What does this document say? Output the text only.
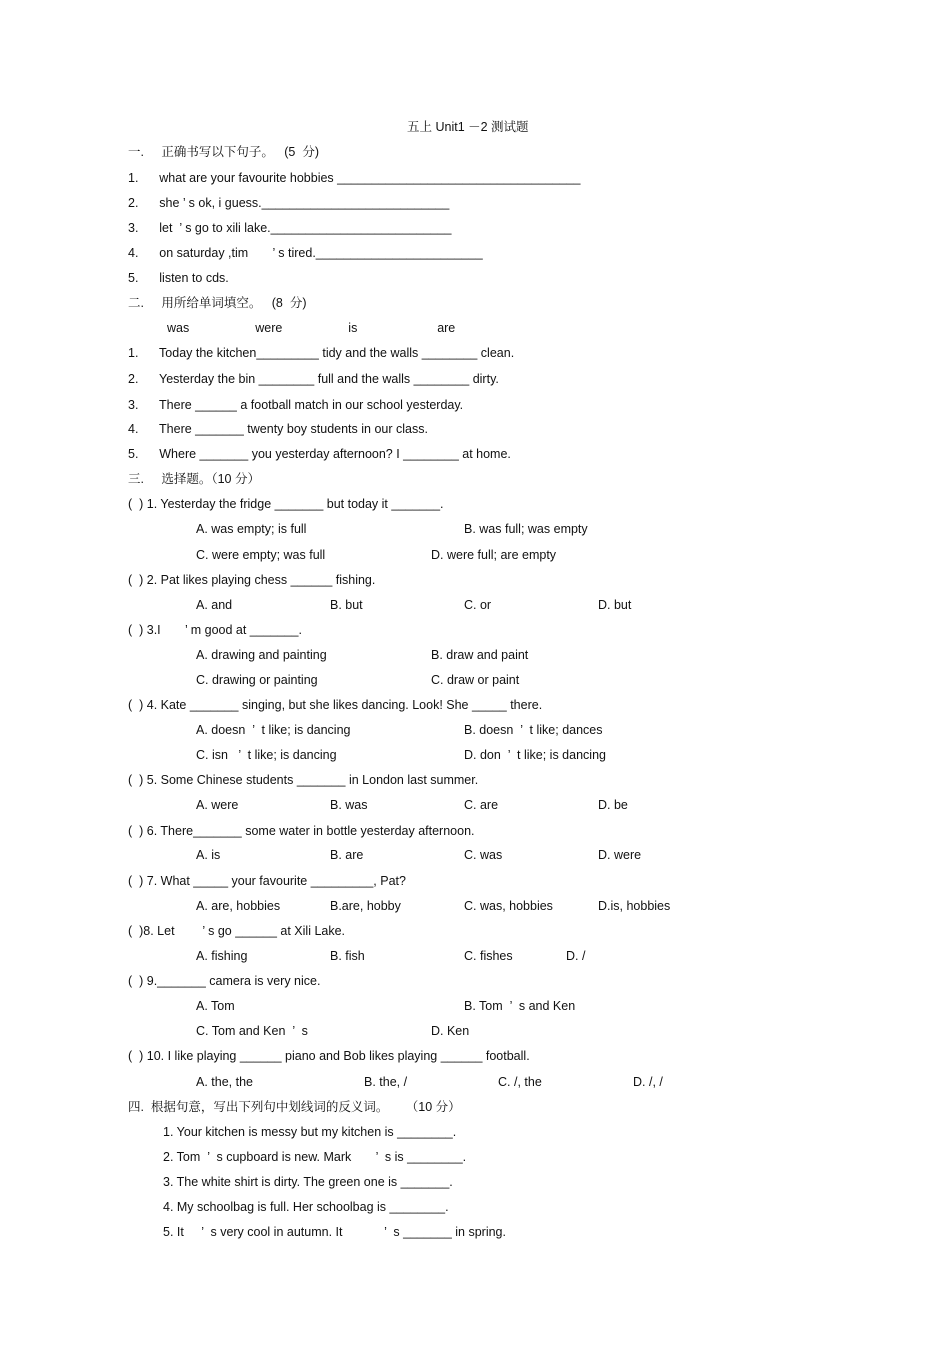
五上 Unit1 －2 测试题
一.     正确书写以下句子。   (5  分)
1.      what are your favourite hobbies ___________________________________
2.      she ’ s ok, i guess.___________________________
3.      let  ’ s go to xili lake.__________________________
4.      on saturday ,tim       ’ s tired.________________________
5.      listen to cds.
二.     用所给单词填空。   (8  分)
was                   were                   is                       are
1.      Today the kitchen_________ tidy and the walls ________ clean.
2.      Yesterday the bin ________ full and the walls ________ dirty.
3.      There ______ a football match in our school yesterday.
4.      There _______ twenty boy students in our class.
5.      Where _______ you yesterday afternoon? I ________ at home.
三.     选择题。（10 分）
(  ) 1. Yesterday the fridge _______ but today it _______.
A. was empty; is full	B. was full; was empty
C. were empty; was full	D. were full; are empty
(  ) 2. Pat likes playing chess ______ fishing.
A. and	B. but	C. or	D. but
(  ) 3.I       ’ m good at _______.
A. drawing and painting	B. draw and paint
C. drawing or painting	C. draw or paint
(  ) 4. Kate _______ singing, but she likes dancing. Look! She _____ there.
A. doesn  ’  t like; is dancing	B. doesn  ’  t like; dances
C. isn   ’  t like; is dancing	D. don  ’  t like; is dancing
(  ) 5. Some Chinese students _______ in London last summer.
A. were	B. was	C. are	D. be
(  ) 6. There_______ some water in bottle yesterday afternoon.
A. is	B. are	C. was	D. were
(  ) 7. What _____ your favourite _________, Pat?
A. are, hobbies	B.are, hobby	C. was, hobbies	D.is, hobbies
(  )8. Let        ’ s go ______ at Xili Lake.
A. fishing	B. fish	C. fishes	D. /
(  ) 9._______ camera is very nice.
A. Tom	B. Tom  ’  s and Ken
C. Tom and Ken  ’  s	D. Ken
(  ) 10. I like playing ______ piano and Bob likes playing ______ football.
A. the, the	B. the, /	C. /, the	D. /, /
四.  根据句意，写出下列句中划线词的反义词。     （10 分）
1. Your kitchen is messy but my kitchen is ________.
2. Tom  ’  s cupboard is new. Mark       ’  s is ________.
3. The white shirt is dirty. The green one is _______.
4. My schoolbag is full. Her schoolbag is ________.
5. It     ’  s very cool in autumn. It            ’  s _______ in spring.
